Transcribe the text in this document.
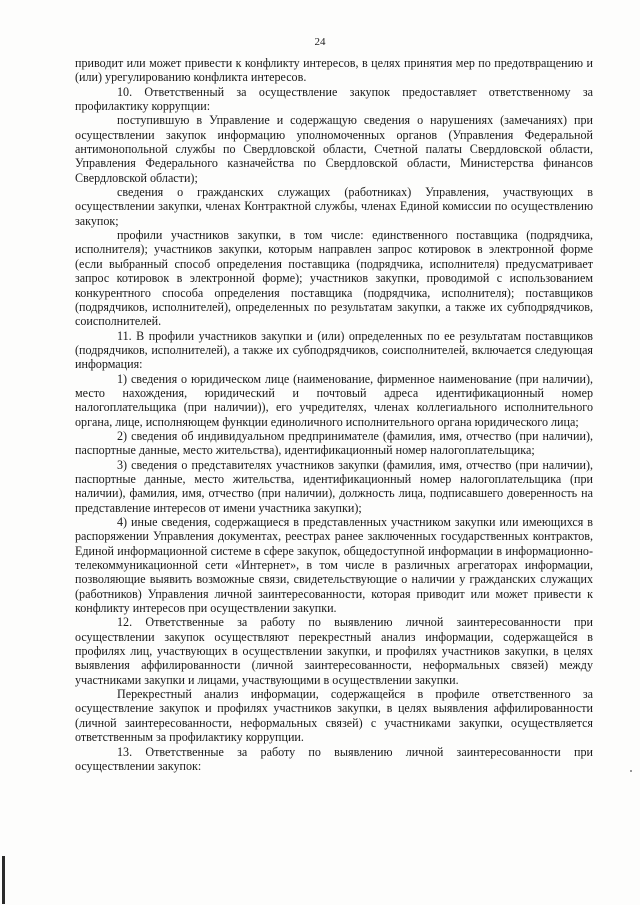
24

приводит или может привести к конфликту интересов, в целях принятия мер по предотвращению и (или) урегулированию конфликта интересов.

10. Ответственный за осуществление закупок предоставляет ответственному за профилактику коррупции:

поступившую в Управление и содержащую сведения о нарушениях (замечаниях) при осуществлении закупок информацию уполномоченных органов (Управления Федеральной антимонопольной службы по Свердловской области, Счетной палаты Свердловской области, Управления Федерального казначейства по Свердловской области, Министерства финансов Свердловской области);

сведения о гражданских служащих (работниках) Управления, участвующих в осуществлении закупки, членах Контрактной службы, членах Единой комиссии по осуществлению закупок;

профили участников закупки, в том числе: единственного поставщика (подрядчика, исполнителя); участников закупки, которым направлен запрос котировок в электронной форме (если выбранный способ определения поставщика (подрядчика, исполнителя) предусматривает запрос котировок в электронной форме); участников закупки, проводимой с использованием конкурентного способа определения поставщика (подрядчика, исполнителя); поставщиков (подрядчиков, исполнителей), определенных по результатам закупки, а также их субподрядчиков, соисполнителей.

11. В профили участников закупки и (или) определенных по ее результатам поставщиков (подрядчиков, исполнителей), а также их субподрядчиков, соисполнителей, включается следующая информация:

1) сведения о юридическом лице (наименование, фирменное наименование (при наличии), место нахождения, юридический и почтовый адреса идентификационный номер налогоплательщика (при наличии)), его учредителях, членах коллегиального исполнительного органа, лице, исполняющем функции единоличного исполнительного органа юридического лица;

2) сведения об индивидуальном предпринимателе (фамилия, имя, отчество (при наличии), паспортные данные, место жительства), идентификационный номер налогоплательщика;

3) сведения о представителях участников закупки (фамилия, имя, отчество (при наличии), паспортные данные, место жительства, идентификационный номер налогоплательщика (при наличии), фамилия, имя, отчество (при наличии), должность лица, подписавшего доверенность на представление интересов от имени участника закупки);

4) иные сведения, содержащиеся в представленных участником закупки или имеющихся в распоряжении Управления документах, реестрах ранее заключенных государственных контрактов, Единой информационной системе в сфере закупок, общедоступной информации в информационно-телекоммуникационной сети «Интернет», в том числе в различных агрегаторах информации, позволяющие выявить возможные связи, свидетельствующие о наличии у гражданских служащих (работников) Управления личной заинтересованности, которая приводит или может привести к конфликту интересов при осуществлении закупки.

12. Ответственные за работу по выявлению личной заинтересованности при осуществлении закупок осуществляют перекрестный анализ информации, содержащейся в профилях лиц, участвующих в осуществлении закупки, и профилях участников закупки, в целях выявления аффилированности (личной заинтересованности, неформальных связей) между участниками закупки и лицами, участвующими в осуществлении закупки.

Перекрестный анализ информации, содержащейся в профиле ответственного за осуществление закупок и профилях участников закупки, в целях выявления аффилированности (личной заинтересованности, неформальных связей) с участниками закупки, осуществляется ответственным за профилактику коррупции.

13. Ответственные за работу по выявлению личной заинтересованности при осуществлении закупок:
